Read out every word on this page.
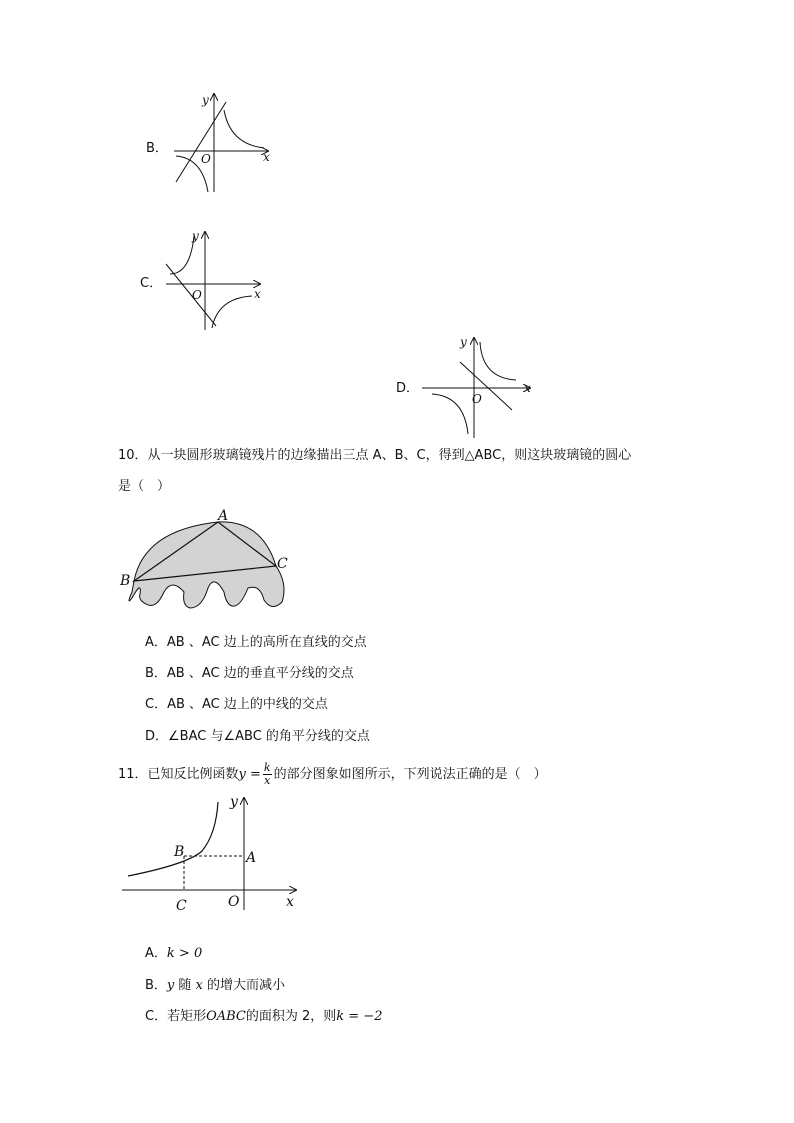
B．
y
x
O
C．
y
x
O
D．
y
x
O
10．从一块圆形玻璃镜残片的边缘描出三点 A、B、C，得到△ABC，则这块玻璃镜的圆心
是（　）
A
B
C
A．AB 、AC 边上的高所在直线的交点
B．AB 、AC 边的垂直平分线的交点
C．AB 、AC 边上的中线的交点
D．∠BAC 与∠ABC 的角平分线的交点
11．已知反比例函数$y = \frac{k}{x}$ 的部分图象如图所示，下列说法正确的是（　）
y
x
A
B
C	O
A．k > 0
B．y 随 x 的增大而减小
C．若矩形OABC的面积为 2，则k = −2
